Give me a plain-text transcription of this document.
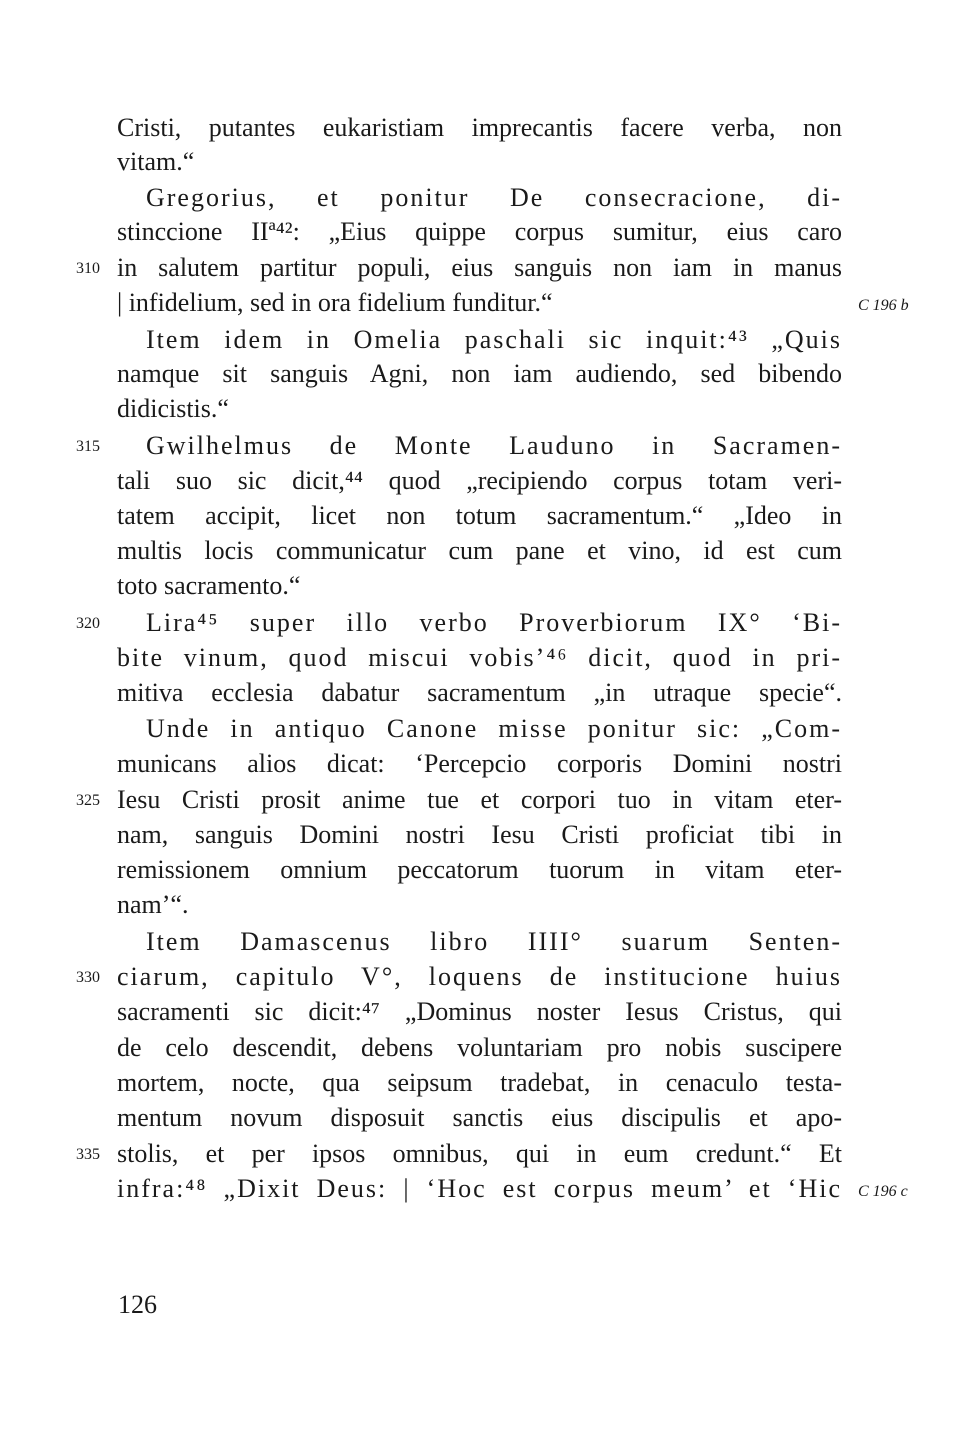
Cristi, putantes eukaristiam imprecantis facere verba, non
vitam.“
Gregorius, et ponitur De consecracione, di-
stinccione IIª⁴²: „Eius quippe corpus sumitur, eius caro
in salutem partitur populi, eius sanguis non iam in manus
| infidelium, sed in ora fidelium funditur.“
Item idem in Omelia paschali sic inquit:⁴³ „Quis
namque sit sanguis Agni, non iam audiendo, sed bibendo
didicistis.“
Gwilhelmus de Monte Lauduno in Sacramen-
tali suo sic dicit,⁴⁴ quod „recipiendo corpus totam veri-
tatem accipit, licet non totum sacramentum.“ „Ideo in
multis locis communicatur cum pane et vino, id est cum
toto sacramento.“
Lira⁴⁵ super illo verbo Proverbiorum IX° ‘Bi-
bite vinum, quod miscui vobis’⁴⁶ dicit, quod in pri-
mitiva ecclesia dabatur sacramentum „in utraque specie“.
Unde in antiquo Canone misse ponitur sic: „Com-
municans alios dicat: ‘Percepcio corporis Domini nostri
Iesu Cristi prosit anime tue et corpori tuo in vitam eter-
nam, sanguis Domini nostri Iesu Cristi proficiat tibi in
remissionem omnium peccatorum tuorum in vitam eter-
nam’“.
Item Damascenus libro IIII° suarum Senten-
ciarum, capitulo V°, loquens de institucione huius
sacramenti sic dicit:⁴⁷ „Dominus noster Iesus Cristus, qui
de celo descendit, debens voluntariam pro nobis suscipere
mortem, nocte, qua seipsum tradebat, in cenaculo testa-
mentum novum disposuit sanctis eius discipulis et apo-
stolis, et per ipsos omnibus, qui in eum credunt.“ Et
infra:⁴⁸ „Dixit Deus: | ‘Hoc est corpus meum’ et ‘Hic
310
315
320
325
330
335
C 196 b
C 196 c
126
